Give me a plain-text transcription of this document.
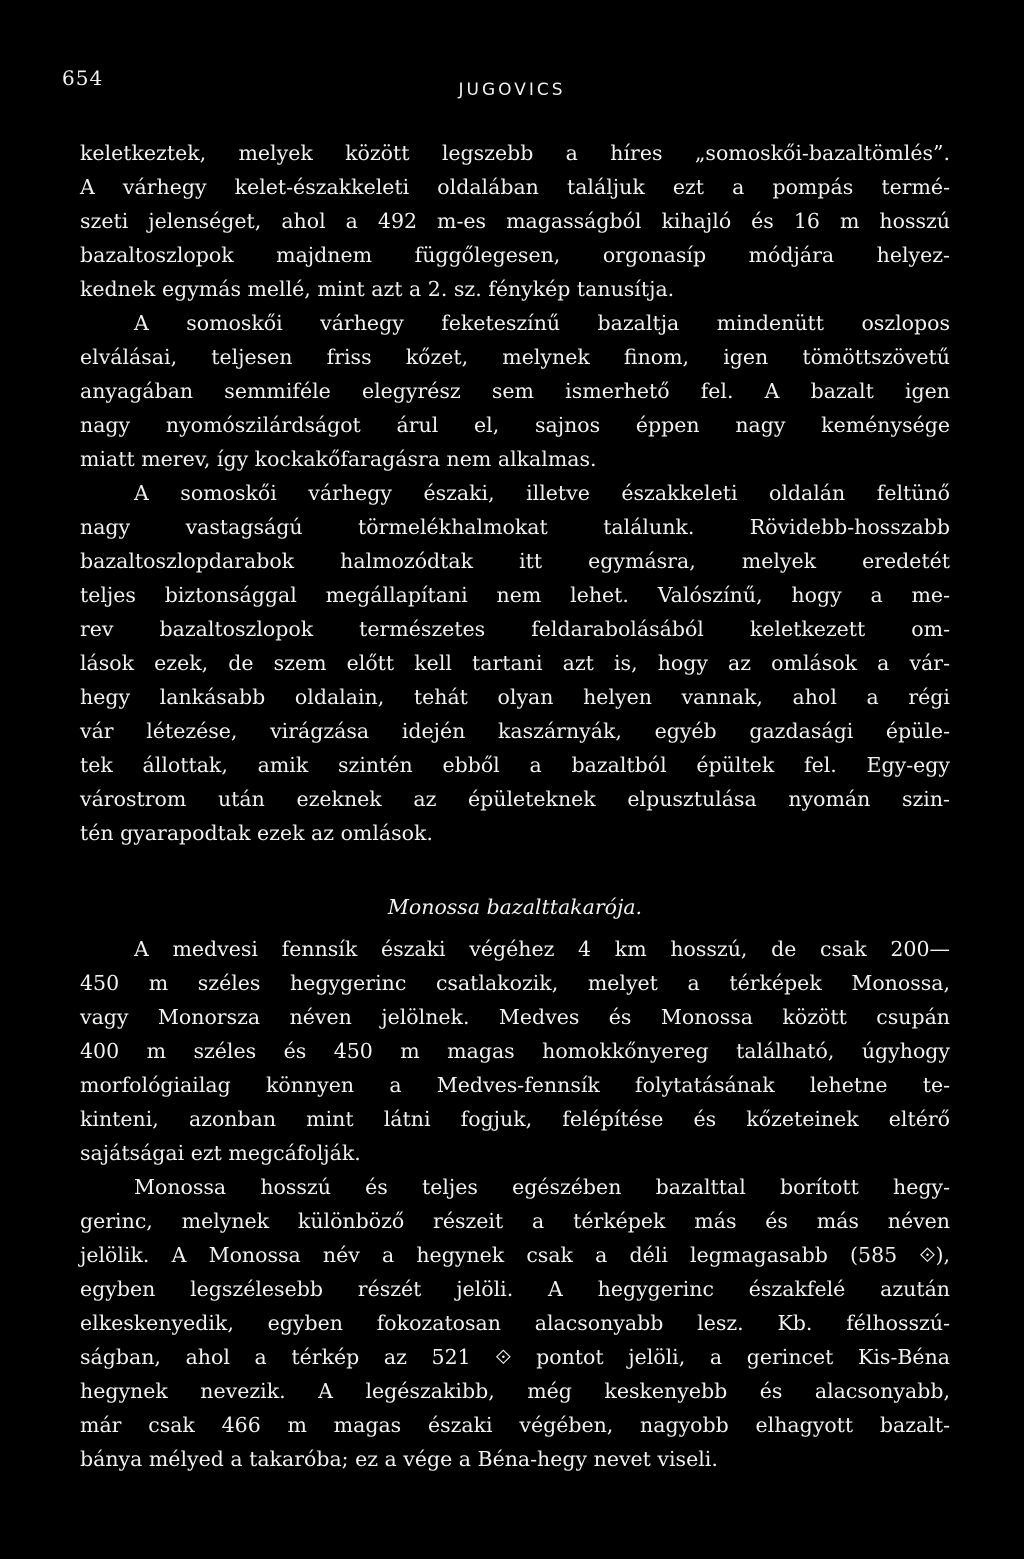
654	JUGOVICS
keletkeztek, melyek között legszebb a híres „somoskői-bazaltömlés”.
A várhegy kelet-északkeleti oldalában találjuk ezt a pompás termé-
szeti jelenséget, ahol a 492 m-es magasságból kihajló és 16 m hosszú
bazaltoszlopok majdnem függőlegesen, orgonasíp módjára helyez-
kednek egymás mellé, mint azt a 2. sz. fénykép tanusítja.
A somoskői várhegy feketeszínű bazaltja mindenütt oszlopos
elválásai, teljesen friss kőzet, melynek finom, igen tömöttszövetű
anyagában semmiféle elegyrész sem ismerhető fel. A bazalt igen
nagy nyomószilárdságot árul el, sajnos éppen nagy keménysége
miatt merev, így kockakőfaragásra nem alkalmas.
A somoskői várhegy északi, illetve északkeleti oldalán feltünő
nagy vastagságú törmelékhalmokat találunk. Rövidebb-hosszabb
bazaltoszlopdarabok halmozódtak itt egymásra, melyek eredetét
teljes biztonsággal megállapítani nem lehet. Valószínű, hogy a me-
rev bazaltoszlopok természetes feldarabolásából keletkezett om-
lások ezek, de szem előtt kell tartani azt is, hogy az omlások a vár-
hegy lankásabb oldalain, tehát olyan helyen vannak, ahol a régi
vár létezése, virágzása idején kaszárnyák, egyéb gazdasági épüle-
tek állottak, amik szintén ebből a bazaltból épültek fel. Egy-egy
várostrom után ezeknek az épületeknek elpusztulása nyomán szin-
tén gyarapodtak ezek az omlások.
Monossa bazalttakarója.
A medvesi fennsík északi végéhez 4 km hosszú, de csak 200—
450 m széles hegygerinc csatlakozik, melyet a térképek Monossa,
vagy Monorsza néven jelölnek. Medves és Monossa között csupán
400 m széles és 450 m magas homokkőnyereg található, úgyhogy
morfológiailag könnyen a Medves-fennsík folytatásának lehetne te-
kinteni, azonban mint látni fogjuk, felépítése és kőzeteinek eltérő
sajátságai ezt megcáfolják.
Monossa hosszú és teljes egészében bazalttal borított hegy-
gerinc, melynek különböző részeit a térképek más és más néven
jelölik. A Monossa név a hegynek csak a déli legmagasabb (585 ⟐),
egyben legszélesebb részét jelöli. A hegygerinc északfelé azután
elkeskenyedik, egyben fokozatosan alacsonyabb lesz. Kb. félhosszú-
ságban, ahol a térkép az 521 ⟐ pontot jelöli, a gerincet Kis-Béna
hegynek nevezik. A legészakibb, még keskenyebb és alacsonyabb,
már csak 466 m magas északi végében, nagyobb elhagyott bazalt-
bánya mélyed a takaróba; ez a vége a Béna-hegy nevet viseli.
